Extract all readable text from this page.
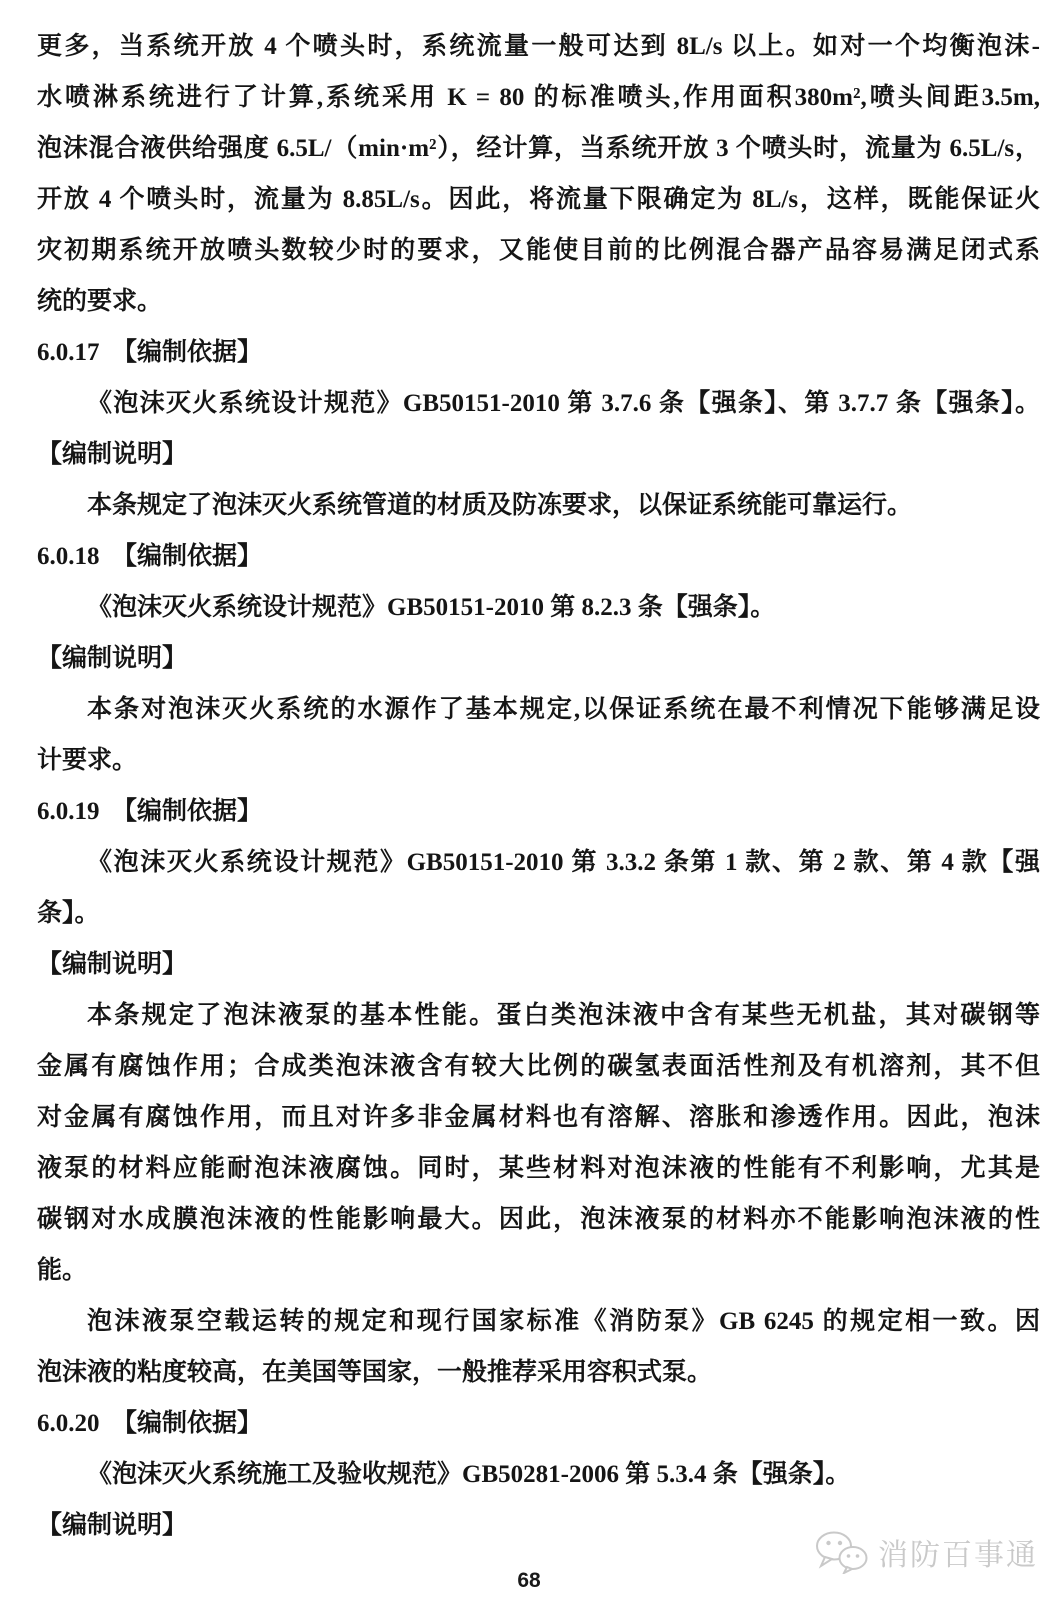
更多，当系统开放 4 个喷头时，系统流量一般可达到 8L/s 以上。如对一个均衡泡沫-
水喷淋系统进行了计算,系统采用 K = 80 的标准喷头,作用面积380m²,喷头间距3.5m,
泡沫混合液供给强度 6.5L/（min·m²），经计算，当系统开放 3 个喷头时，流量为 6.5L/s，
开放 4 个喷头时，流量为 8.85L/s。因此，将流量下限确定为 8L/s，这样，既能保证火
灾初期系统开放喷头数较少时的要求，又能使目前的比例混合器产品容易满足闭式系
统的要求。
6.0.17　【编制依据】
《泡沫灭火系统设计规范》GB50151-2010 第 3.7.6 条【强条】、第 3.7.7 条【强条】。
【编制说明】
本条规定了泡沫灭火系统管道的材质及防冻要求，以保证系统能可靠运行。
6.0.18　【编制依据】
《泡沫灭火系统设计规范》GB50151-2010 第 8.2.3 条【强条】。
【编制说明】
本条对泡沫灭火系统的水源作了基本规定,以保证系统在最不利情况下能够满足设
计要求。
6.0.19　【编制依据】
《泡沫灭火系统设计规范》GB50151-2010 第 3.3.2 条第 1 款、第 2 款、第 4 款【强
条】。
【编制说明】
本条规定了泡沫液泵的基本性能。蛋白类泡沫液中含有某些无机盐，其对碳钢等
金属有腐蚀作用；合成类泡沫液含有较大比例的碳氢表面活性剂及有机溶剂，其不但
对金属有腐蚀作用，而且对许多非金属材料也有溶解、溶胀和渗透作用。因此，泡沫
液泵的材料应能耐泡沫液腐蚀。同时，某些材料对泡沫液的性能有不利影响，尤其是
碳钢对水成膜泡沫液的性能影响最大。因此，泡沫液泵的材料亦不能影响泡沫液的性
能。
泡沫液泵空载运转的规定和现行国家标准《消防泵》GB 6245 的规定相一致。因
泡沫液的粘度较高，在美国等国家，一般推荐采用容积式泵。
6.0.20　【编制依据】
《泡沫灭火系统施工及验收规范》GB50281-2006 第 5.3.4 条【强条】。
【编制说明】
消防百事通
68
